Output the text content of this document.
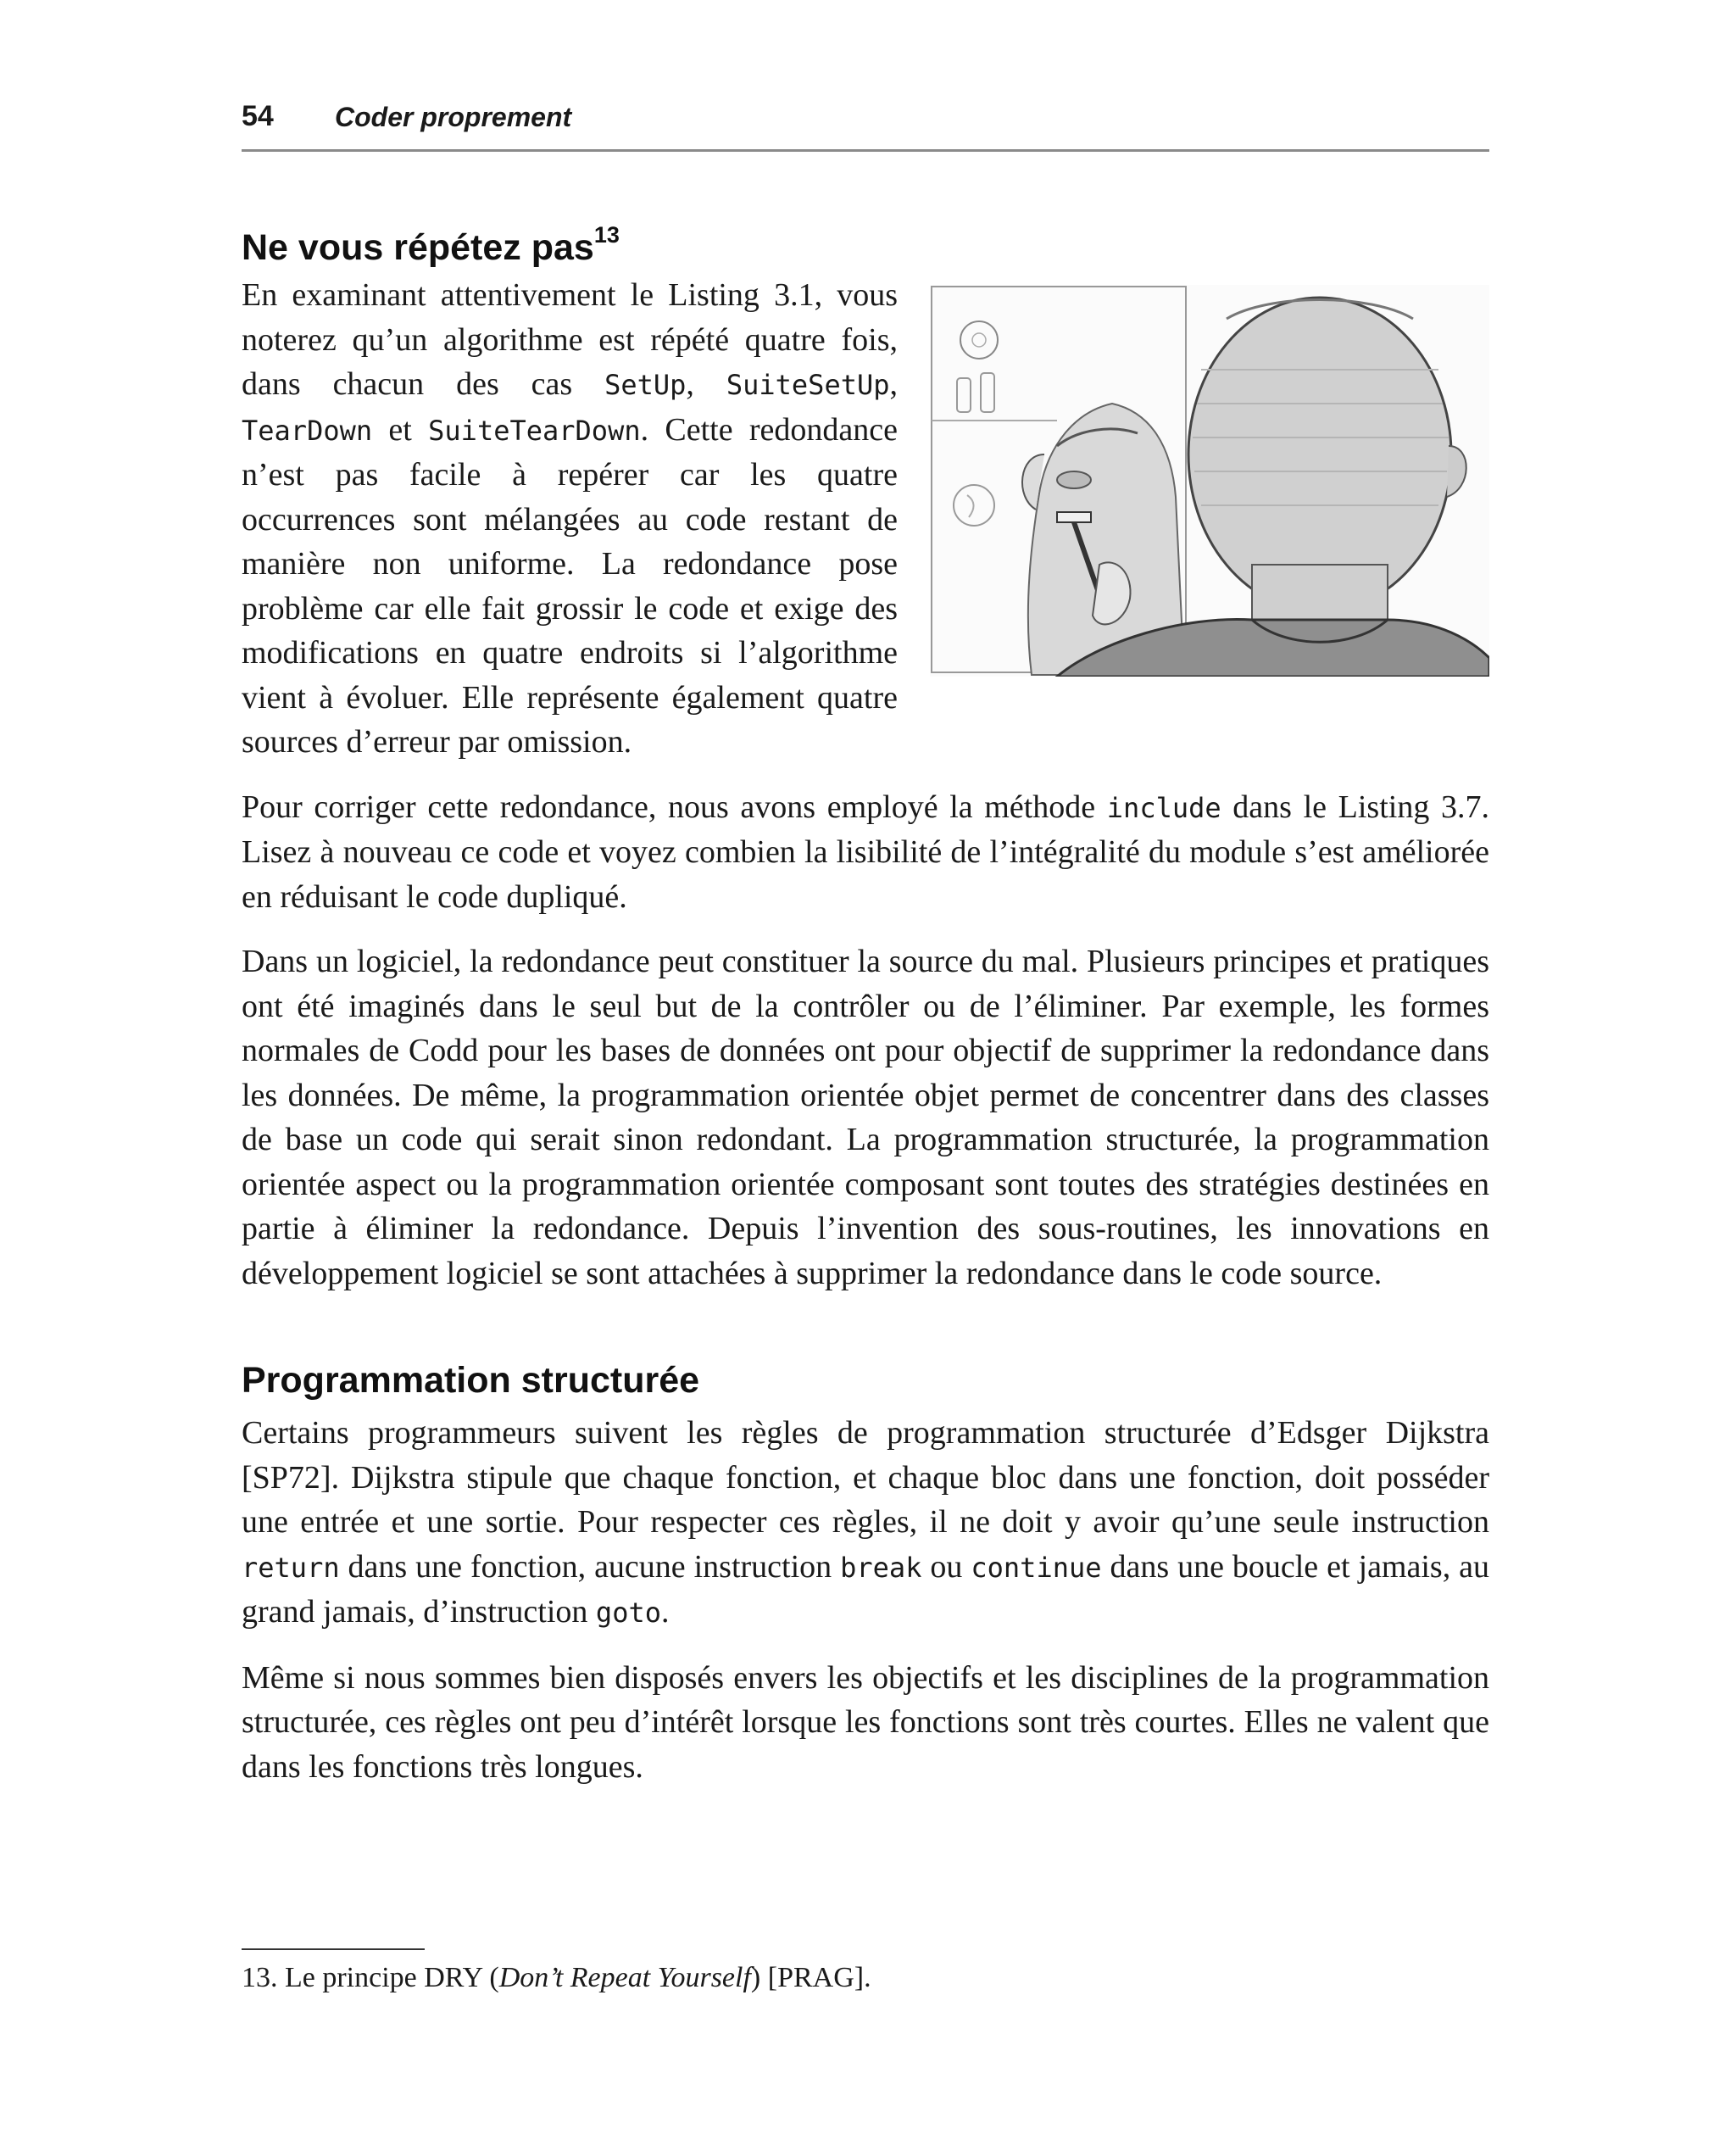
54 Coder proprement
Ne vous répétez pas$^{13}$

En examinant attentivement le Listing 3.1, vous noterez qu’un algorithme est répété quatre fois, dans chacun des cas SetUp, SuiteSetUp, TearDown et SuiteTearDown. Cette redondance n’est pas facile à repérer car les quatre occurrences sont mélangées au code restant de manière non uniforme. La redondance pose problème car elle fait grossir le code et exige des modifications en quatre endroits si l’algorithme vient à évoluer. Elle représente également quatre sources d’erreur par omission.

Pour corriger cette redondance, nous avons employé la méthode include dans le Listing 3.7. Lisez à nouveau ce code et voyez combien la lisibilité de l’intégralité du module s’est améliorée en réduisant le code dupliqué.

Dans un logiciel, la redondance peut constituer la source du mal. Plusieurs principes et pratiques ont été imaginés dans le seul but de la contrôler ou de l’éliminer. Par exemple, les formes normales de Codd pour les bases de données ont pour objectif de supprimer la redondance dans les données. De même, la programmation orientée objet permet de concentrer dans des classes de base un code qui serait sinon redondant. La programmation structurée, la programmation orientée aspect ou la programmation orientée composant sont toutes des stratégies destinées en partie à éliminer la redondance. Depuis l’invention des sous-routines, les innovations en développement logiciel se sont attachées à supprimer la redondance dans le code source.

Programmation structurée

Certains programmeurs suivent les règles de programmation structurée d’Edsger Dijkstra [SP72]. Dijkstra stipule que chaque fonction, et chaque bloc dans une fonction, doit posséder une entrée et une sortie. Pour respecter ces règles, il ne doit y avoir qu’une seule instruction return dans une fonction, aucune instruction break ou continue dans une boucle et jamais, au grand jamais, d’instruction goto.

Même si nous sommes bien disposés envers les objectifs et les disciplines de la programmation structurée, ces règles ont peu d’intérêt lorsque les fonctions sont très courtes. Elles ne valent que dans les fonctions très longues.

13. Le principe DRY (Don’t Repeat Yourself) [PRAG].
